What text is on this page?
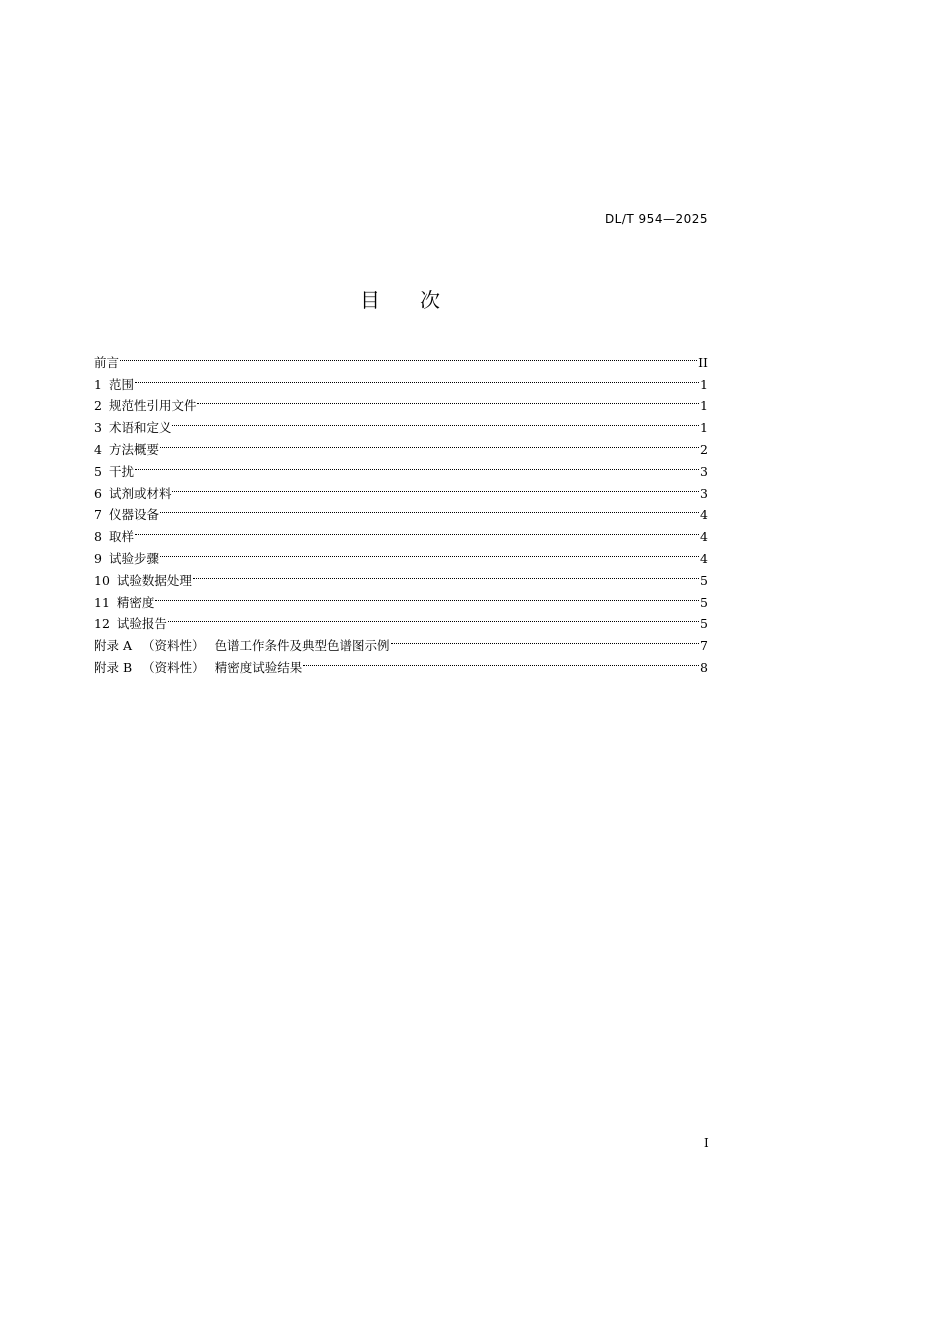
DL/T 954—2025
目 次
前言	II
1 范围	1
2 规范性引用文件	1
3 术语和定义	1
4 方法概要	2
5 干扰	3
6 试剂或材料	3
7 仪器设备	4
8 取样	4
9 试验步骤	4
10 试验数据处理	5
11 精密度	5
12 试验报告	5
附录 A （资料性） 色谱工作条件及典型色谱图示例	7
附录 B （资料性） 精密度试验结果	8
I
